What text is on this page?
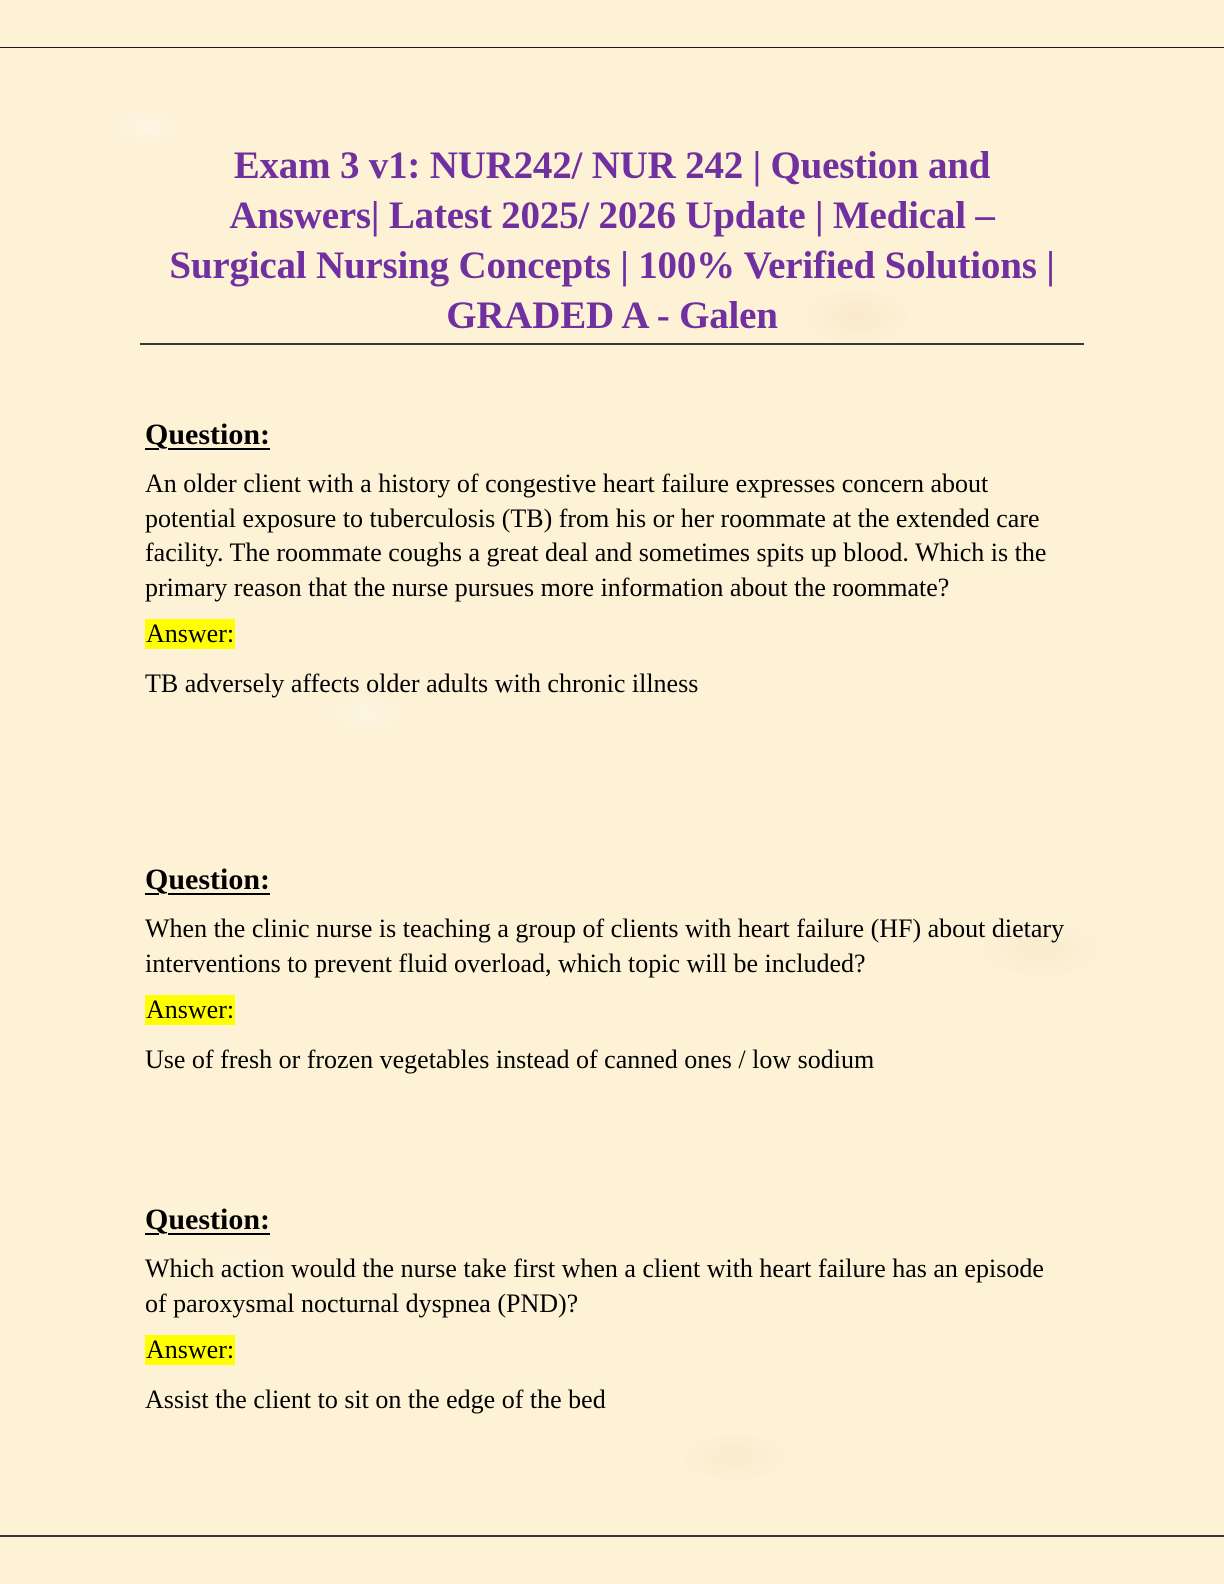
Exam 3 v1: NUR242/ NUR 242 | Question and
Answers| Latest 2025/ 2026 Update | Medical –
Surgical Nursing Concepts | 100% Verified Solutions |
GRADED A - Galen
Question:

An older client with a history of congestive heart failure expresses concern about potential exposure to tuberculosis (TB) from his or her roommate at the extended care facility. The roommate coughs a great deal and sometimes spits up blood. Which is the primary reason that the nurse pursues more information about the roommate?

Answer:

TB adversely affects older adults with chronic illness

Question:

When the clinic nurse is teaching a group of clients with heart failure (HF) about dietary interventions to prevent fluid overload, which topic will be included?

Answer:

Use of fresh or frozen vegetables instead of canned ones / low sodium

Question:

Which action would the nurse take first when a client with heart failure has an episode of paroxysmal nocturnal dyspnea (PND)?

Answer:

Assist the client to sit on the edge of the bed
